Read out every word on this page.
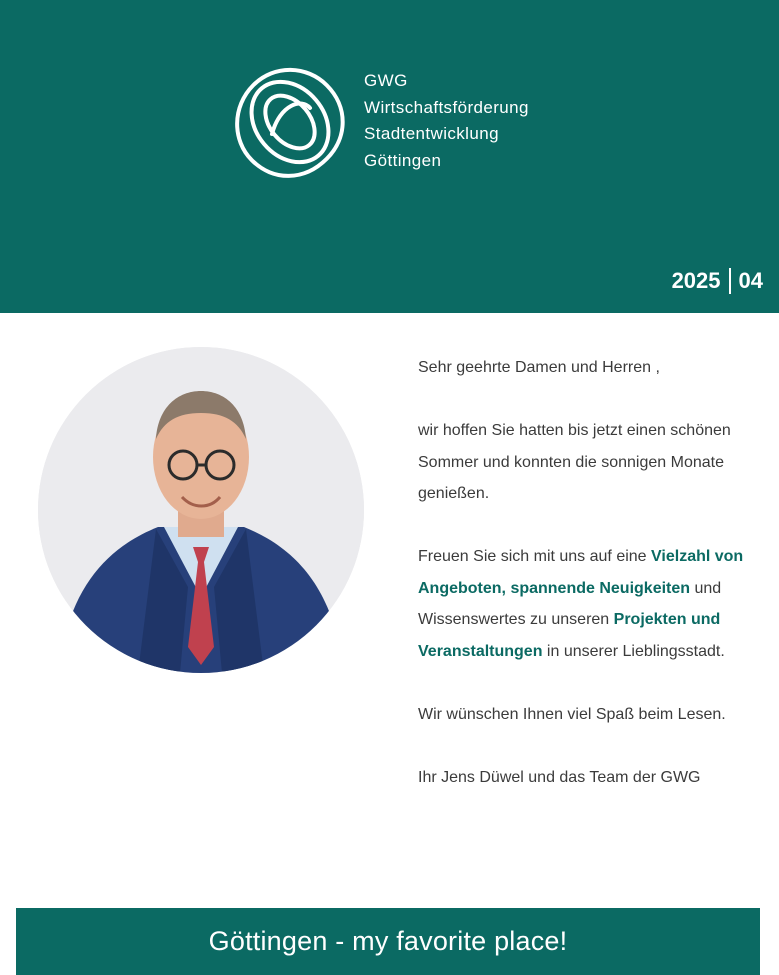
GWG
Wirtschaftsförderung
Stadtentwicklung
Göttingen
2025 04

Sehr geehrte Damen und Herren ,

wir hoffen Sie hatten bis jetzt einen schönen Sommer und konnten die sonnigen Monate genießen.

Freuen Sie sich mit uns auf eine Vielzahl von Angeboten, spannende Neuigkeiten und Wissenswertes zu unseren Projekten und Veranstaltungen in unserer Lieblingsstadt.

Wir wünschen Ihnen viel Spaß beim Lesen.

Ihr Jens Düwel und das Team der GWG

Göttingen - my favorite place!
